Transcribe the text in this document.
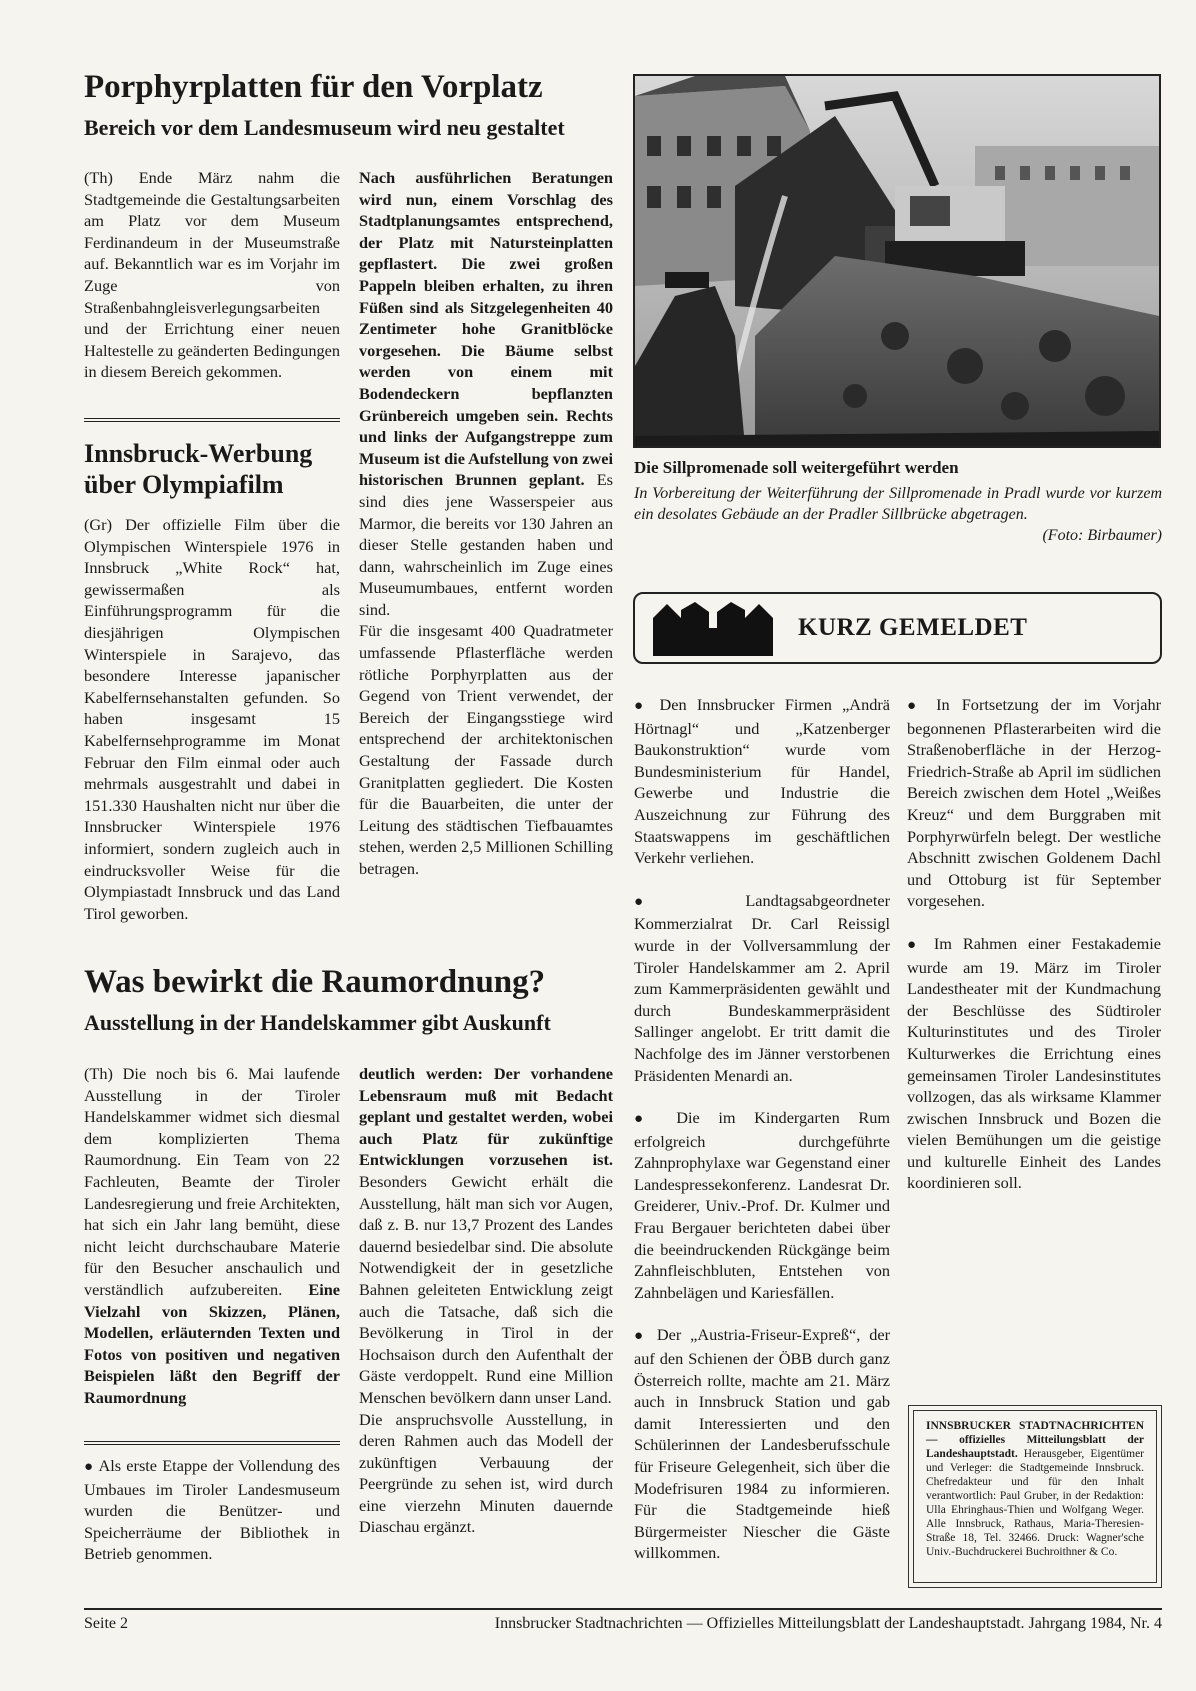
Porphyrplatten für den Vorplatz
Bereich vor dem Landesmuseum wird neu gestaltet

(Th) Ende März nahm die Stadtgemeinde die Gestaltungsarbeiten am Platz vor dem Museum Ferdinandeum in der Museumstraße auf. Bekanntlich war es im Vorjahr im Zuge von Straßenbahngleisverlegungsarbeiten und der Errichtung einer neuen Haltestelle zu geänderten Bedingungen in diesem Bereich gekommen.

Nach ausführlichen Beratungen wird nun, einem Vorschlag des Stadtplanungsamtes entsprechend, der Platz mit Natursteinplatten gepflastert. Die zwei großen Pappeln bleiben erhalten, zu ihren Füßen sind als Sitzgelegenheiten 40 Zentimeter hohe Granitblöcke vorgesehen. Die Bäume selbst werden von einem mit Bodendeckern bepflanzten Grünbereich umgeben sein. Rechts und links der Aufgangstreppe zum Museum ist die Aufstellung von zwei historischen Brunnen geplant. Es sind dies jene Wasserspeier aus Marmor, die bereits vor 130 Jahren an dieser Stelle gestanden haben und dann, wahrscheinlich im Zuge eines Museumumbaues, entfernt worden sind.

Für die insgesamt 400 Quadratmeter umfassende Pflasterfläche werden rötliche Porphyrplatten aus der Gegend von Trient verwendet, der Bereich der Eingangsstiege wird entsprechend der architektonischen Gestaltung der Fassade durch Granitplatten gegliedert. Die Kosten für die Bauarbeiten, die unter der Leitung des städtischen Tiefbauamtes stehen, werden 2,5 Millionen Schilling betragen.

Innsbruck-Werbung über Olympiafilm

(Gr) Der offizielle Film über die Olympischen Winterspiele 1976 in Innsbruck „White Rock“ hat, gewissermaßen als Einführungsprogramm für die diesjährigen Olympischen Winterspiele in Sarajevo, das besondere Interesse japanischer Kabelfernsehanstalten gefunden. So haben insgesamt 15 Kabelfernsehprogramme im Monat Februar den Film einmal oder auch mehrmals ausgestrahlt und dabei in 151.330 Haushalten nicht nur über die Innsbrucker Winterspiele 1976 informiert, sondern zugleich auch in eindrucksvoller Weise für die Olympiastadt Innsbruck und das Land Tirol geworben.

Die Sillpromenade soll weitergeführt werden
In Vorbereitung der Weiterführung der Sillpromenade in Pradl wurde vor kurzem ein desolates Gebäude an der Pradler Sillbrücke abgetragen.
(Foto: Birbaumer)
KURZ GEMELDET

● Den Innsbrucker Firmen „Andrä Hörtnagl“ und „Katzenberger Baukonstruktion“ wurde vom Bundesministerium für Handel, Gewerbe und Industrie die Auszeichnung zur Führung des Staatswappens im geschäftlichen Verkehr verliehen.

●	Landtagsabgeordneter Kommerzialrat Dr. Carl Reissigl wurde in der Vollversammlung der Tiroler Handelskammer am 2. April zum Kammerpräsidenten gewählt und durch Bundeskammerpräsident Sallinger angelobt. Er tritt damit die Nachfolge des im Jänner verstorbenen Präsidenten Menardi an.

● Die im Kindergarten Rum erfolgreich durchgeführte Zahnprophylaxe war Gegenstand einer Landespressekonferenz. Landesrat Dr. Greiderer, Univ.-Prof. Dr. Kulmer und Frau Bergauer berichteten dabei über die beeindruckenden Rückgänge beim Zahnfleischbluten, Entstehen von Zahnbelägen und Kariesfällen.

● Der „Austria-Friseur-Expreß“, der auf den Schienen der ÖBB durch ganz Österreich rollte, machte am 21. März auch in Innsbruck Station und gab damit Interessierten und den Schülerinnen der Landesberufsschule für Friseure Gelegenheit, sich über die Modefrisuren 1984 zu informieren. Für die Stadtgemeinde hieß Bürgermeister Niescher die Gäste willkommen.

● In Fortsetzung der im Vorjahr begonnenen Pflasterarbeiten wird die Straßenoberfläche in der Herzog-Friedrich-Straße ab April im südlichen Bereich zwischen dem Hotel „Weißes Kreuz“ und dem Burggraben mit Porphyrwürfeln belegt. Der westliche Abschnitt zwischen Goldenem Dachl und Ottoburg ist für September vorgesehen.

● Im Rahmen einer Festakademie wurde am 19. März im Tiroler Landestheater mit der Kundmachung der Beschlüsse des Südtiroler Kulturinstitutes und des Tiroler Kulturwerkes die Errichtung eines gemeinsamen Tiroler Landesinstitutes vollzogen, das als wirksame Klammer zwischen Innsbruck und Bozen die vielen Bemühungen um die geistige und kulturelle Einheit des Landes koordinieren soll.

INNSBRUCKER STADTNACHRICHTEN — offizielles Mitteilungsblatt der Landeshauptstadt. Herausgeber, Eigentümer und Verleger: die Stadtgemeinde Innsbruck. Chefredakteur und für den Inhalt verantwortlich: Paul Gruber, in der Redaktion: Ulla Ehringhaus-Thien und Wolfgang Weger. Alle Innsbruck, Rathaus, Maria-Theresien-Straße 18, Tel. 32466. Druck: Wagner'sche Univ.-Buchdruckerei Buchroithner & Co.
Was bewirkt die Raumordnung?
Ausstellung in der Handelskammer gibt Auskunft

(Th) Die noch bis 6. Mai laufende Ausstellung in der Tiroler Handelskammer widmet sich diesmal dem komplizierten Thema Raumordnung. Ein Team von 22 Fachleuten, Beamte der Tiroler Landesregierung und freie Architekten, hat sich ein Jahr lang bemüht, diese nicht leicht durchschaubare Materie für den Besucher anschaulich und verständlich aufzubereiten. Eine Vielzahl von Skizzen, Plänen, Modellen, erläuternden Texten und Fotos von positiven und negativen Beispielen läßt den Begriff der Raumordnung

● Als erste Etappe der Vollendung des Umbaues im Tiroler Landesmuseum wurden die Benützer- und Speicherräume der Bibliothek in Betrieb genommen.

deutlich werden: Der vorhandene Lebensraum muß mit Bedacht geplant und gestaltet werden, wobei auch Platz für zukünftige Entwicklungen vorzusehen ist. Besonders Gewicht erhält die Ausstellung, hält man sich vor Augen, daß z. B. nur 13,7 Prozent des Landes dauernd besiedelbar sind. Die absolute Notwendigkeit der in gesetzliche Bahnen geleiteten Entwicklung zeigt auch die Tatsache, daß sich die Bevölkerung in Tirol in der Hochsaison durch den Aufenthalt der Gäste verdoppelt. Rund eine Million Menschen bevölkern dann unser Land.

Die anspruchsvolle Ausstellung, in deren Rahmen auch das Modell der zukünftigen Verbauung der Peergründe zu sehen ist, wird durch eine vierzehn Minuten dauernde Diaschau ergänzt.

Seite 2	Innsbrucker Stadtnachrichten — Offizielles Mitteilungsblatt der Landeshauptstadt. Jahrgang 1984, Nr. 4
